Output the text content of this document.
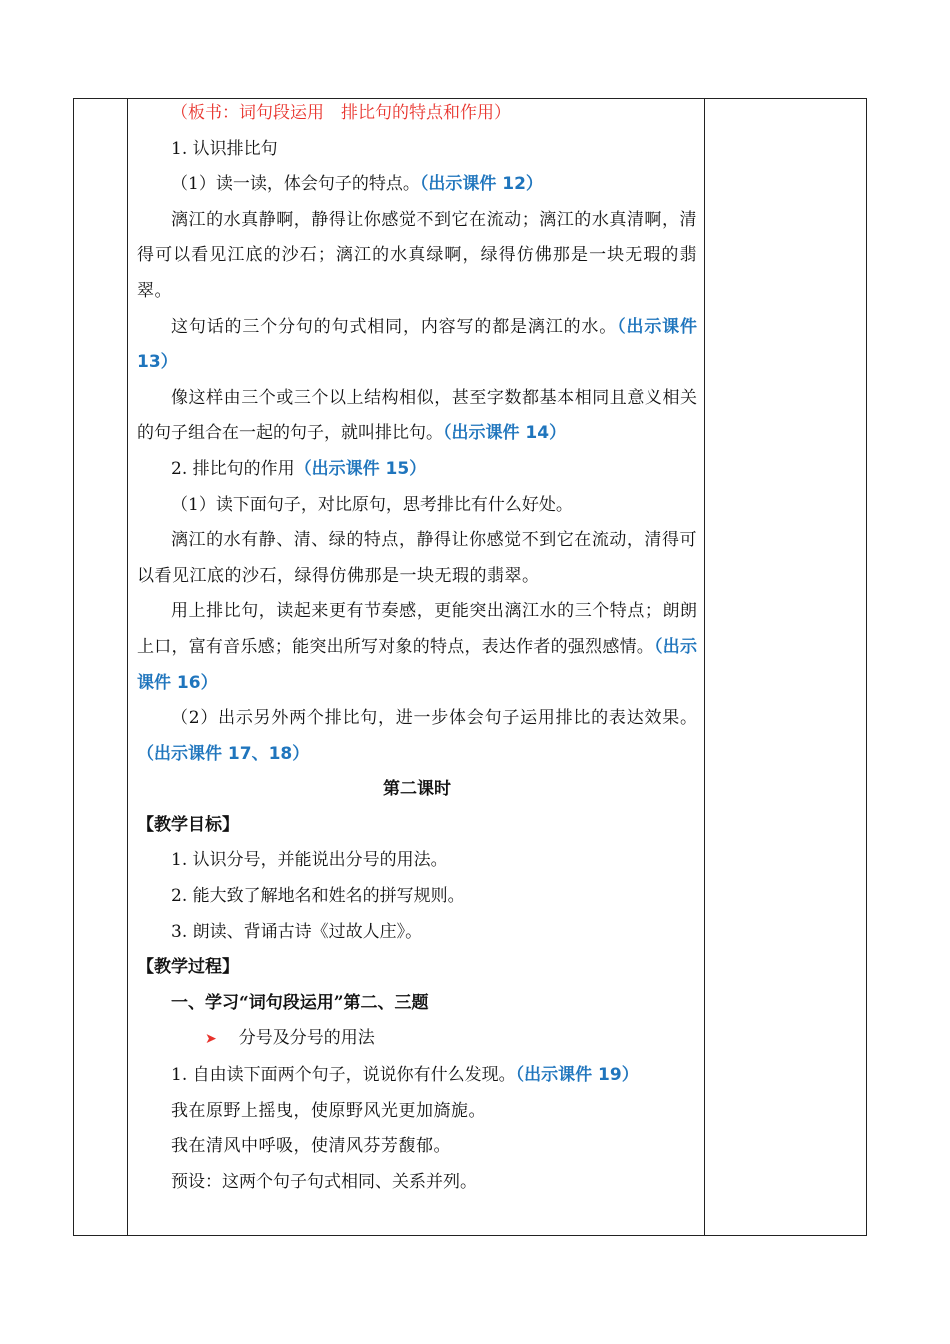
（板书：词句段运用　排比句的特点和作用）

1. 认识排比句

（1）读一读，体会句子的特点。（出示课件 12）

漓江的水真静啊，静得让你感觉不到它在流动；漓江的水真清啊，清得可以看见江底的沙石；漓江的水真绿啊，绿得仿佛那是一块无瑕的翡翠。

这句话的三个分句的句式相同，内容写的都是漓江的水。（出示课件 13）

像这样由三个或三个以上结构相似，甚至字数都基本相同且意义相关的句子组合在一起的句子，就叫排比句。（出示课件 14）

2. 排比句的作用（出示课件 15）

（1）读下面句子，对比原句，思考排比有什么好处。

漓江的水有静、清、绿的特点，静得让你感觉不到它在流动，清得可以看见江底的沙石，绿得仿佛那是一块无瑕的翡翠。

用上排比句，读起来更有节奏感，更能突出漓江水的三个特点；朗朗上口，富有音乐感；能突出所写对象的特点，表达作者的强烈感情。（出示课件 16）

（2）出示另外两个排比句，进一步体会句子运用排比的表达效果。（出示课件 17、18）

第二课时

【教学目标】

1. 认识分号，并能说出分号的用法。

2. 能大致了解地名和姓名的拼写规则。

3. 朗读、背诵古诗《过故人庄》。

【教学过程】

一、学习“词句段运用”第二、三题

➤ 分号及分号的用法

1. 自由读下面两个句子，说说你有什么发现。（出示课件 19）

我在原野上摇曳，使原野风光更加旖旎。

我在清风中呼吸，使清风芬芳馥郁。

预设：这两个句子句式相同、关系并列。
